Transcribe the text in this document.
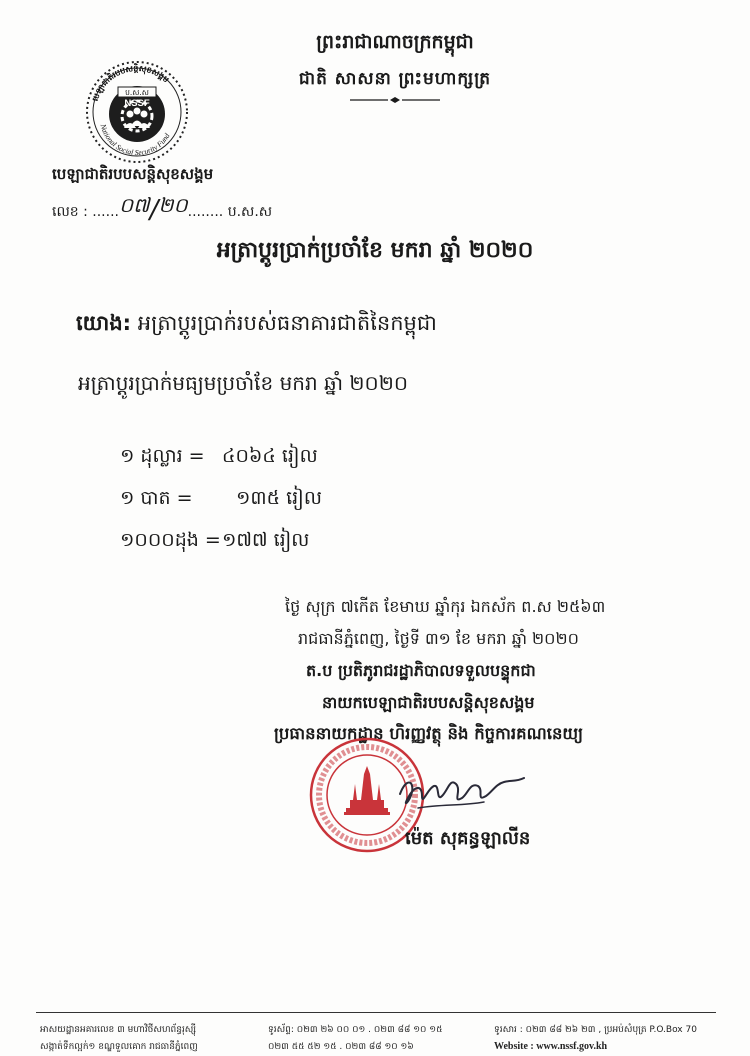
ព្រះរាជាណាចក្រកម្ពុជា
ជាតិ សាសនា ព្រះមហាក្សត្រ
បេឡាជាតិរបបសន្តិសុខសង្គម
National Social Security Fund
ប.ស.ស
NSSF
បេឡាជាតិរបបសន្តិសុខសង្គម
លេខ : ......០៧/២០........ ប.ស.ស
អត្រាប្តូរប្រាក់ប្រចាំខែ មករា ឆ្នាំ ២០២០
យោង: អត្រាប្តូរប្រាក់របស់ធនាគារជាតិនៃកម្ពុជា
អត្រាប្តូរប្រាក់មធ្យមប្រចាំខែ មករា ឆ្នាំ ២០២០
១ ដុល្លារ = ៤០៦៤ រៀល
១ បាត = ១៣៥ រៀល
១០០០ដុង = ១៧៧ រៀល
ថ្ងៃ សុក្រ ៧កើត ខែមាឃ ឆ្នាំកុរ ឯកស័ក ព.ស ២៥៦៣
រាជធានីភ្នំពេញ, ថ្ងៃទី ៣១ ខែ មករា ឆ្នាំ ២០២០
ត.ប ប្រតិភូរាជរដ្ឋាភិបាលទទួលបន្ទុកជា
នាយកបេឡាជាតិរបបសន្តិសុខសង្គម
ប្រធាននាយកដ្ឋាន ហិរញ្ញវត្ថុ និង កិច្ចការគណនេយ្យ
ម៉េត សុគន្ធឡាលីន
អាសយដ្ឋានអគារលេខ ៣ មហាវិថីសហព័ន្ធរុស្ស៊ី
សង្កាត់ទឹកល្អក់១ ខណ្ឌទួលគោក រាជធានីភ្នំពេញ
ទូរស័ព្ទ: ០២៣ ២៦ ០០ ០១ . ០២៣ ៨៨ ១០ ១៥
០២៣ ៥៥ ៥២ ១៥ . ០២៣ ៨៨ ១០ ១៦
ទូរសារ : ០២៣ ៨៨ ២៦ ២៣ , ប្រអប់សំបុត្រ P.O.Box 70
Website : www.nssf.gov.kh
